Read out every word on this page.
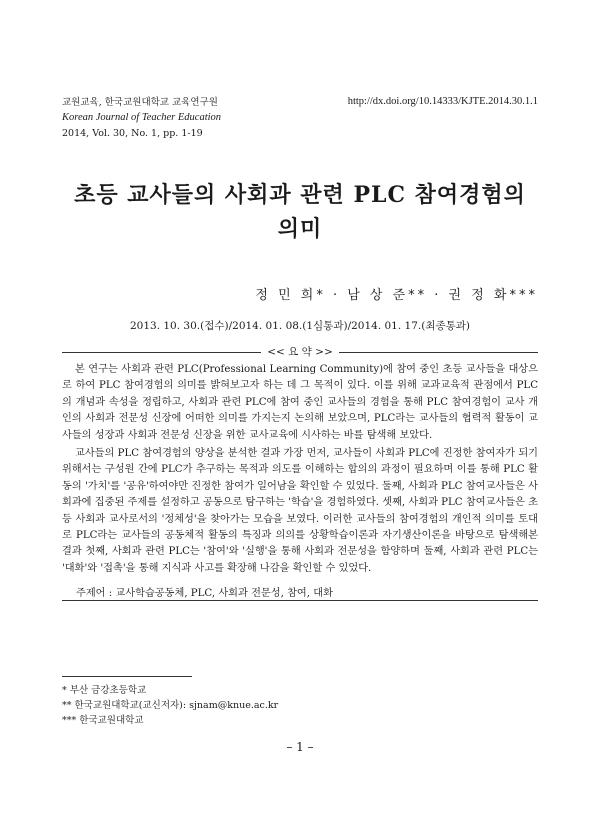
교원교육, 한국교원대학교 교육연구원
Korean Journal of Teacher Education
2014, Vol. 30, No. 1, pp. 1-19
http://dx.doi.org/10.14333/KJTE.2014.30.1.1
초등 교사들의 사회과 관련 PLC 참여경험의
의미
정 민 희* · 남 상 준** · 권 정 화***
2013. 10. 30.(접수)/2014. 01. 08.(1심통과)/2014. 01. 17.(최종통과)
<< 요 약 >>

본 연구는 사회과 관련 PLC(Professional Learning Community)에 참여 중인 초등 교사들을 대상으로 하여 PLC 참여경험의 의미를 밝혀보고자 하는 데 그 목적이 있다. 이를 위해 교과교육적 관점에서 PLC의 개념과 속성을 정립하고, 사회과 관련 PLC에 참여 중인 교사들의 경험을 통해 PLC 참여경험이 교사 개인의 사회과 전문성 신장에 어떠한 의미를 가지는지 논의해 보았으며, PLC라는 교사들의 협력적 활동이 교사들의 성장과 사회과 전문성 신장을 위한 교사교육에 시사하는 바를 탐색해 보았다.

교사들의 PLC 참여경험의 양상을 분석한 결과 가장 먼저, 교사들이 사회과 PLC에 진정한 참여자가 되기 위해서는 구성원 간에 PLC가 추구하는 목적과 의도를 이해하는 합의의 과정이 필요하며 이를 통해 PLC 활동의 '가치'를 '공유'하여야만 진정한 참여가 일어남을 확인할 수 있었다. 둘째, 사회과 PLC 참여교사들은 사회과에 집중된 주제를 설정하고 공동으로 탐구하는 '학습'을 경험하였다. 셋째, 사회과 PLC 참여교사들은 초등 사회과 교사로서의 '정체성'을 찾아가는 모습을 보였다. 이러한 교사들의 참여경험의 개인적 의미를 토대로 PLC라는 교사들의 공동체적 활동의 특징과 의의를 상황학습이론과 자기생산이론을 바탕으로 탐색해본 결과 첫째, 사회과 관련 PLC는 '참여'와 '실행'을 통해 사회과 전문성을 함양하며 둘째, 사회과 관련 PLC는 '대화'와 '접촉'을 통해 지식과 사고를 확장해 나감을 확인할 수 있었다.

주제어 : 교사학습공동체, PLC, 사회과 전문성, 참여, 대화
* 부산 금강초등학교
** 한국교원대학교(교신저자): sjnam@knue.ac.kr
*** 한국교원대학교
– 1 –
